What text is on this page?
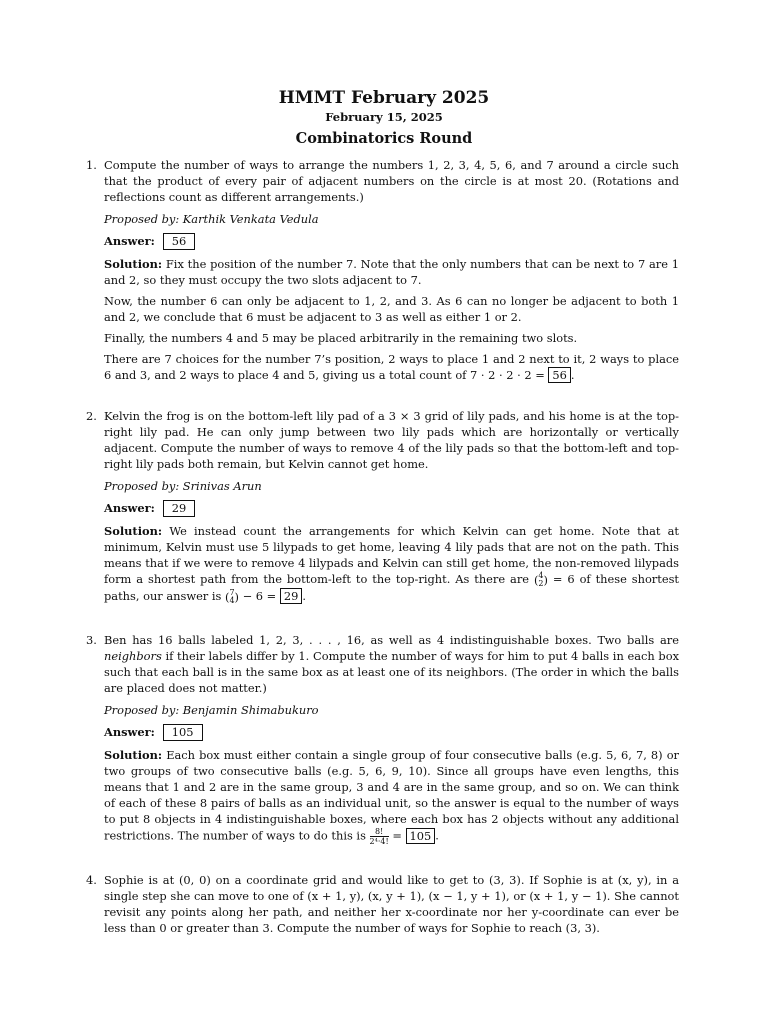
HMMT February 2025
February 15, 2025
Combinatorics Round
1. Compute the number of ways to arrange the numbers 1, 2, 3, 4, 5, 6, and 7 around a circle such that the product of every pair of adjacent numbers on the circle is at most 20. (Rotations and reflections count as different arrangements.)

Proposed by: Karthik Venkata Vedula

Answer: 56

Solution: Fix the position of the number 7. Note that the only numbers that can be next to 7 are 1 and 2, so they must occupy the two slots adjacent to 7.

Now, the number 6 can only be adjacent to 1, 2, and 3. As 6 can no longer be adjacent to both 1 and 2, we conclude that 6 must be adjacent to 3 as well as either 1 or 2.

Finally, the numbers 4 and 5 may be placed arbitrarily in the remaining two slots.

There are 7 choices for the number 7’s position, 2 ways to place 1 and 2 next to it, 2 ways to place 6 and 3, and 2 ways to place 4 and 5, giving us a total count of 7 · 2 · 2 · 2 = 56 .

2. Kelvin the frog is on the bottom-left lily pad of a 3 × 3 grid of lily pads, and his home is at the top-right lily pad. He can only jump between two lily pads which are horizontally or vertically adjacent. Compute the number of ways to remove 4 of the lily pads so that the bottom-left and top-right lily pads both remain, but Kelvin cannot get home.

Proposed by: Srinivas Arun

Answer: 29

Solution: We instead count the arrangements for which Kelvin can get home. Note that at minimum, Kelvin must use 5 lilypads to get home, leaving 4 lily pads that are not on the path. This means that if we were to remove 4 lilypads and Kelvin can still get home, the non-removed lilypads form a shortest path from the bottom-left to the top-right. As there are ( 4
2 ) = 6 of these shortest paths, our answer is ( 7
4 ) − 6 = 29 .

3. Ben has 16 balls labeled 1, 2, 3, . . . , 16, as well as 4 indistinguishable boxes. Two balls are neighbors if their labels differ by 1. Compute the number of ways for him to put 4 balls in each box such that each ball is in the same box as at least one of its neighbors. (The order in which the balls are placed does not matter.)

Proposed by: Benjamin Shimabukuro

Answer: 105

Solution: Each box must either contain a single group of four consecutive balls (e.g. 5, 6, 7, 8) or two groups of two consecutive balls (e.g. 5, 6, 9, 10). Since all groups have even lengths, this means that 1 and 2 are in the same group, 3 and 4 are in the same group, and so on. We can think of each of these 8 pairs of balls as an individual unit, so the answer is equal to the number of ways to put 8 objects in 4 indistinguishable boxes, where each box has 2 objects without any additional restrictions. The number of ways to do this is $\frac{8!}{\text{2⁴·4!}} = 105$ .

4. Sophie is at (0, 0) on a coordinate grid and would like to get to (3, 3). If Sophie is at (x, y), in a single step she can move to one of (x + 1, y), (x, y + 1), (x − 1, y + 1), or (x + 1, y − 1). She cannot revisit any points along her path, and neither her x-coordinate nor her y-coordinate can ever be less than 0 or greater than 3. Compute the number of ways for Sophie to reach (3, 3).
